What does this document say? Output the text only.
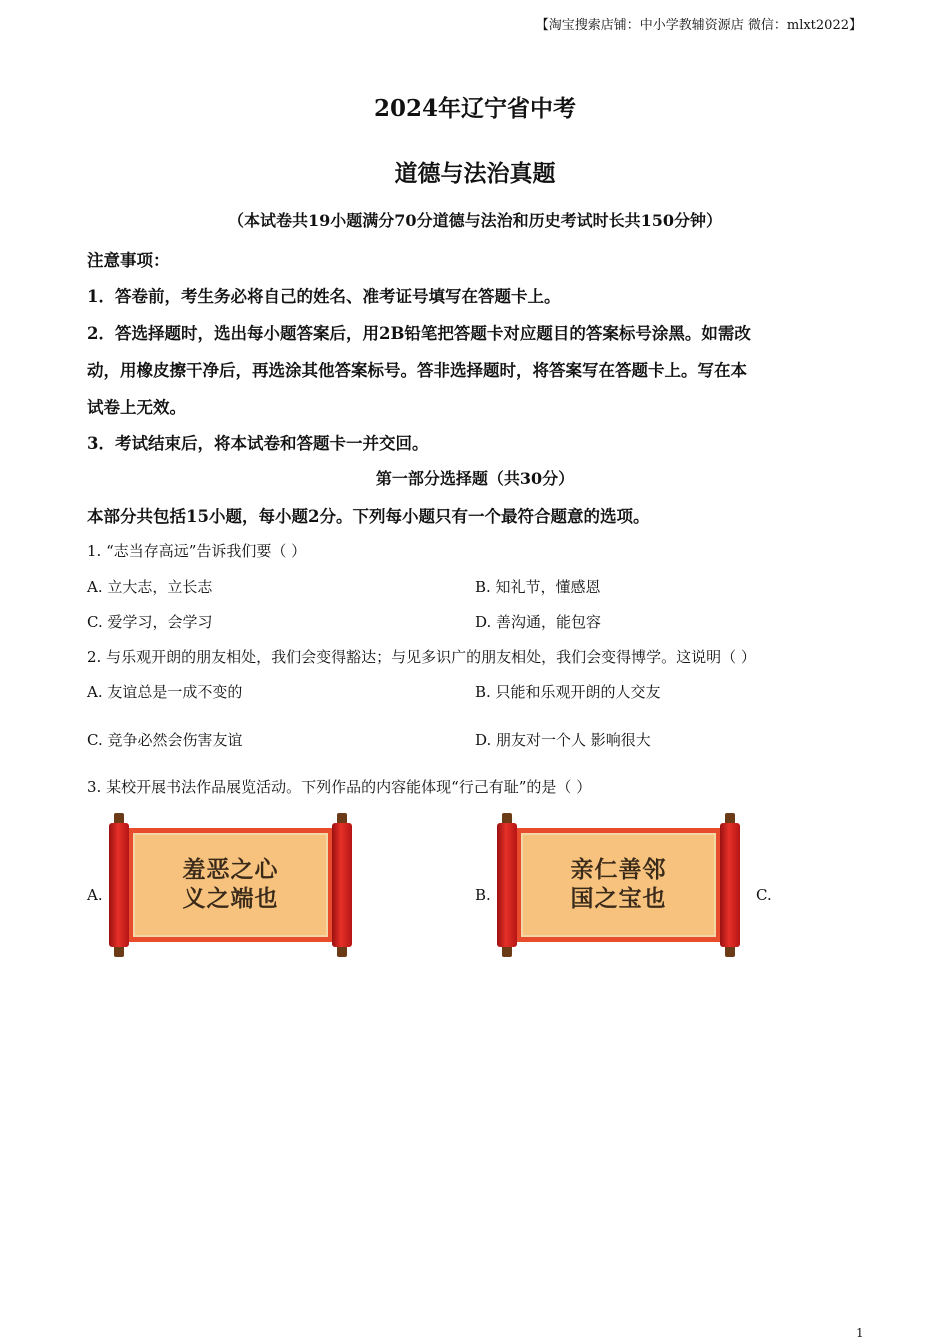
【淘宝搜索店铺：中小学教辅资源店 微信：mlxt2022】
2024年辽宁省中考
道德与法治真题
（本试卷共19小题满分70分道德与法治和历史考试时长共150分钟）
注意事项：
1．答卷前，考生务必将自己的姓名、准考证号填写在答题卡上。
2．答选择题时，选出每小题答案后，用2B铅笔把答题卡对应题目的答案标号涂黑。如需改
动，用橡皮擦干净后，再选涂其他答案标号。答非选择题时，将答案写在答题卡上。写在本
试卷上无效。
3．考试结束后，将本试卷和答题卡一并交回。
第一部分选择题（共30分）
本部分共包括15小题，每小题2分。下列每小题只有一个最符合题意的选项。
1. “志当存高远”告诉我们要（ ）
A. 立大志，立长志	B. 知礼节，懂感恩
C. 爱学习，会学习	D. 善沟通，能包容
2. 与乐观开朗的朋友相处，我们会变得豁达；与见多识广的朋友相处，我们会变得博学。这说明（ ）
A. 友谊总是一成不变的	B. 只能和乐观开朗的人交友
C. 竞争必然会伤害友谊	D. 朋友对一个人 影响很大
3. 某校开展书法作品展览活动。下列作品的内容能体现“行己有耻”的是（ ）
A.
羞恶之心
义之端也	B.
亲仁善邻
国之宝也	C.
1
